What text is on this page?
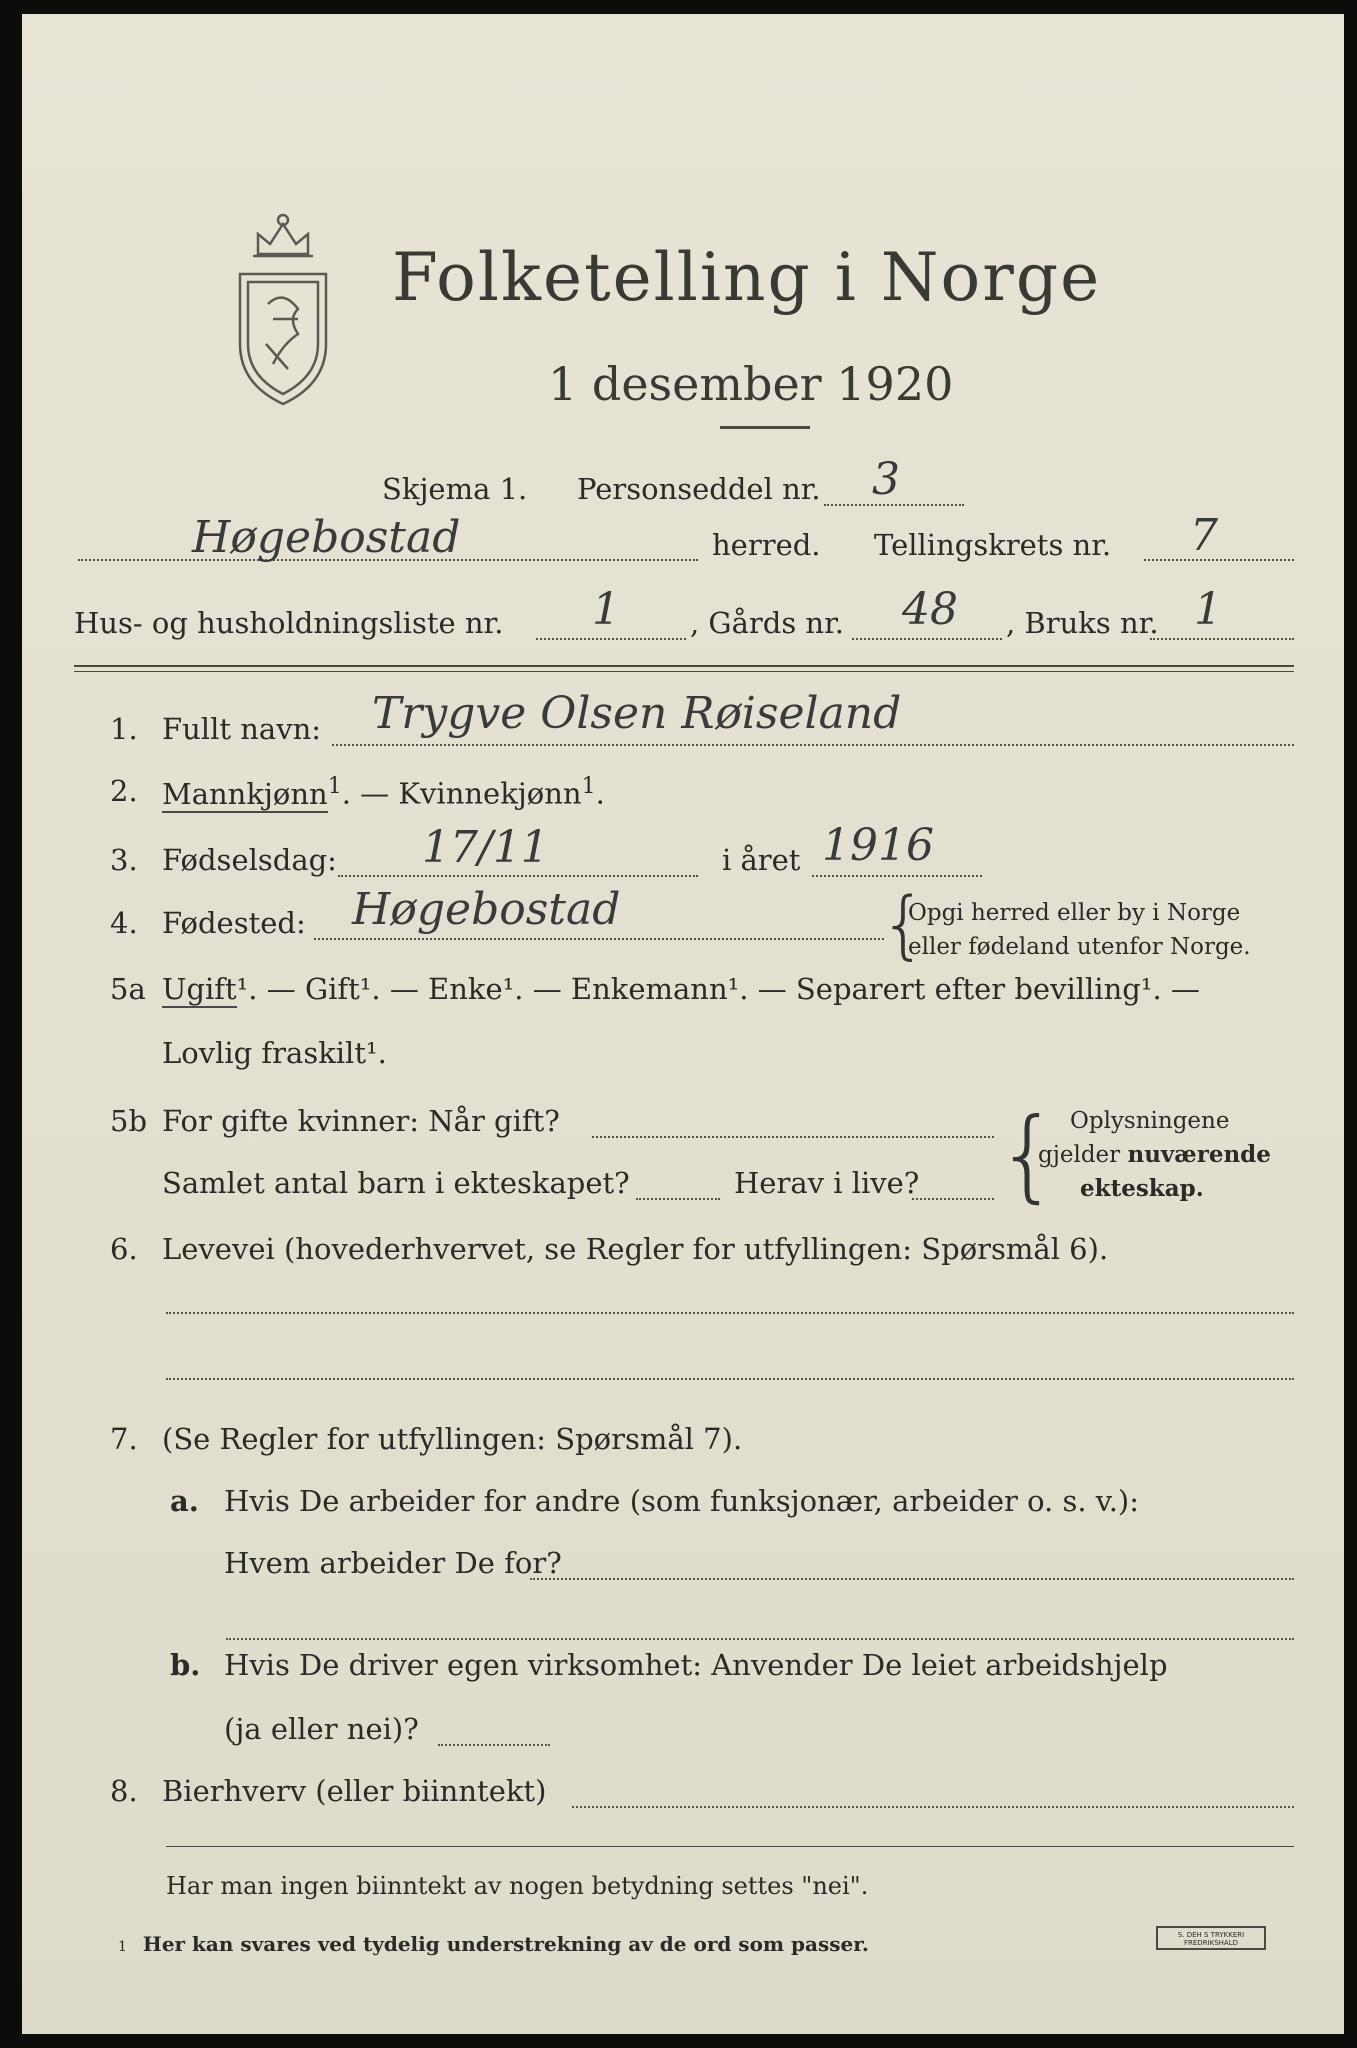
Folketelling i Norge
1 desember 1920
Skjema 1. Personseddel nr. 3
Høgebostad	herred. Tellingskrets nr. 7
Hus- og husholdningsliste nr. 1 , Gårds nr. 48 , Bruks nr. 1
1. Fullt navn: Trygve Olsen Røiseland
2. Mannkjønn$^1$. — Kvinnekjønn$^1$.
3. Fødselsdag: 17/11	i året 1916
4. Fødested: Høgebostad	{
Opgi herred eller by i Norge
eller fødeland utenfor Norge.
5a Ugift¹. — Gift¹. — Enke¹. — Enkemann¹. — Separert efter bevilling¹. —
Lovlig fraskilt¹.
5b For gifte kvinner: Når gift?
Samlet antal barn i ekteskapet?	Herav i live? { Oplysningene
gjelder nuværende
ekteskap.
6. Levevei (hovederhvervet, se Regler for utfyllingen: Spørsmål 6).
7. (Se Regler for utfyllingen: Spørsmål 7).
a. Hvis De arbeider for andre (som funksjonær, arbeider o. s. v.):
Hvem arbeider De for?
b. Hvis De driver egen virksomhet: Anvender De leiet arbeidshjelp
(ja eller nei)?
8. Bierhverv (eller biinntekt)
Har man ingen biinntekt av nogen betydning settes "nei".
1 Her kan svares ved tydelig understrekning av de ord som passer.	S. DEH S TRYKKERI FREDRIKSHALD
